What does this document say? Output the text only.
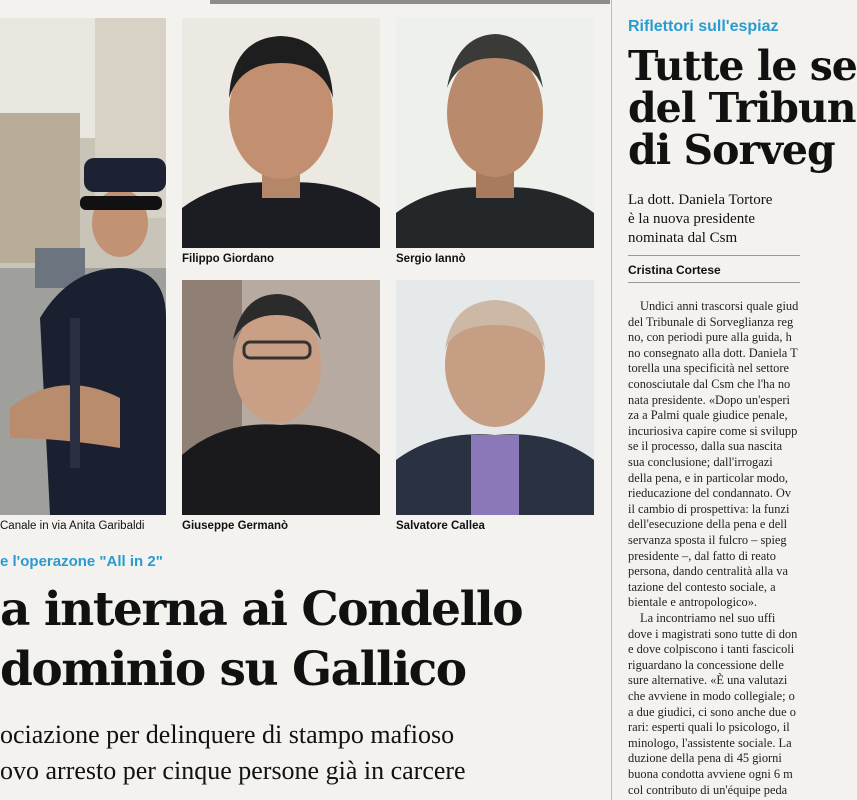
Canale in via Anita Garibaldi
Filippo Giordano	Sergio Iannò
Giuseppe Germanò	Salvatore Callea
e l'operazone "All in 2"
a interna ai Condello
dominio su Gallico
ociazione per delinquere di stampo mafioso
ovo arresto per cinque persone già in carcere
Riflettori sull'espiaz
Tutte le se
del Tribun
di Sorveg
La dott. Daniela Tortore
è la nuova presidente
nominata dal Csm
Cristina Cortese
Undici anni trascorsi quale giud
del Tribunale di Sorveglianza reg
no, con periodi pure alla guida, h
no consegnato alla dott. Daniela T
torella una specificità nel settore
conosciutale dal Csm che l'ha no
nata presidente. «Dopo un'esperi
za a Palmi quale giudice penale,
incuriosiva capire come si svilupp
se il processo, dalla sua nascita
sua conclusione; dall'irrogazi
della pena, e in particolar modo,
rieducazione del condannato. Ov
il cambio di prospettiva: la funzi
dell'esecuzione della pena e dell
servanza sposta il fulcro – spieg
presidente –, dal fatto di reato
persona, dando centralità alla va
tazione del contesto sociale, a
bientale e antropologico».
La incontriamo nel suo uffi
dove i magistrati sono tutte di don
e dove colpiscono i tanti fascicoli
riguardano la concessione delle
sure alternative. «È una valutazi
che avviene in modo collegiale; o
a due giudici, ci sono anche due o
rari: esperti quali lo psicologo, il
minologo, l'assistente sociale. La
duzione della pena di 45 giorni
buona condotta avviene ogni 6 m
col contributo di un'équipe peda
